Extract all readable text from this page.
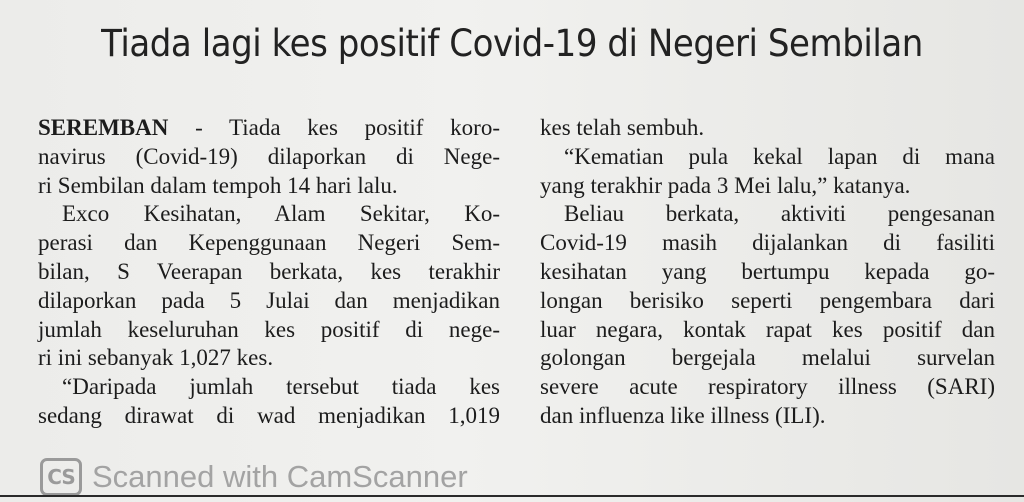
Tiada lagi kes positif Covid-19 di Negeri Sembilan
SEREMBAN - Tiada kes positif koro-
navirus (Covid-19) dilaporkan di Nege-
ri Sembilan dalam tempoh 14 hari lalu.
Exco Kesihatan, Alam Sekitar, Ko-
perasi dan Kepenggunaan Negeri Sem-
bilan, S Veerapan berkata, kes terakhir
dilaporkan pada 5 Julai dan menjadikan
jumlah keseluruhan kes positif di nege-
ri ini sebanyak 1,027 kes.
“Daripada jumlah tersebut tiada kes
sedang dirawat di wad menjadikan 1,019
kes telah sembuh.
“Kematian pula kekal lapan di mana
yang terakhir pada 3 Mei lalu,” katanya.
Beliau berkata, aktiviti pengesanan
Covid-19 masih dijalankan di fasiliti
kesihatan yang bertumpu kepada go-
longan berisiko seperti pengembara dari
luar negara, kontak rapat kes positif dan
golongan bergejala melalui survelan
severe acute respiratory illness (SARI)
dan influenza like illness (ILI).
CS Scanned with CamScanner
